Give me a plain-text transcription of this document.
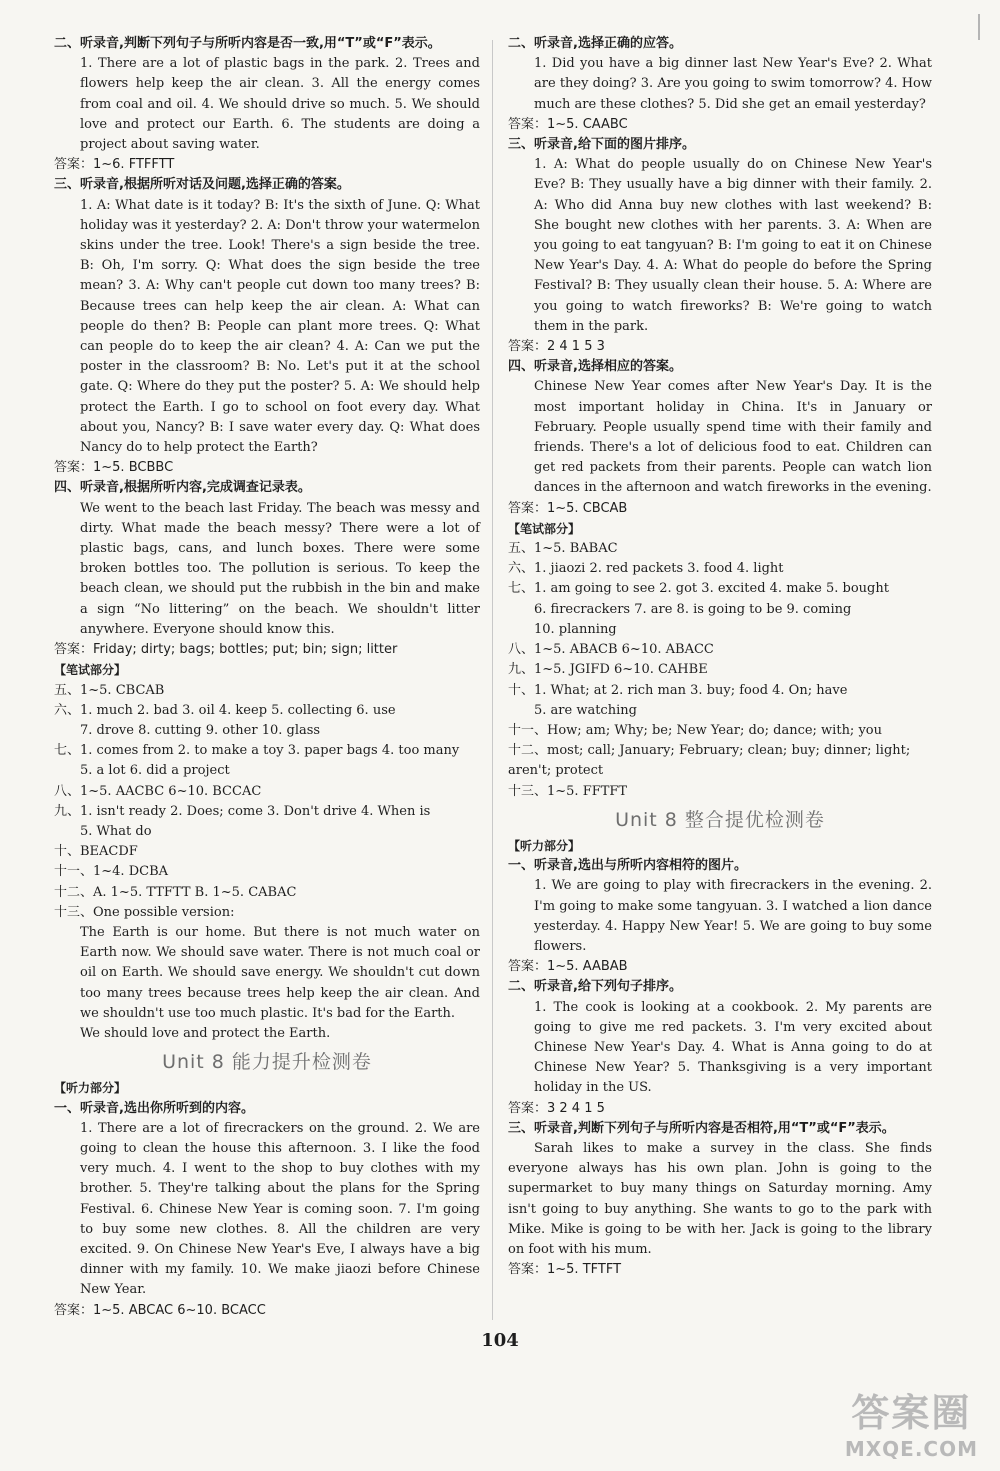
二、听录音,判断下列句子与所听内容是否一致,用“T”或“F”表示。
1. There are a lot of plastic bags in the park. 2. Trees and flowers help keep the air clean. 3. All the energy comes from coal and oil. 4. We should drive so much. 5. We should love and protect our Earth. 6. The students are doing a project about saving water.
答案：1~6. FTFFTT
三、听录音,根据所听对话及问题,选择正确的答案。
1. A: What date is it today? B: It's the sixth of June. Q: What holiday was it yesterday? 2. A: Don't throw your watermelon skins under the tree. Look! There's a sign beside the tree. B: Oh, I'm sorry. Q: What does the sign beside the tree mean? 3. A: Why can't people cut down too many trees? B: Because trees can help keep the air clean. A: What can people do then? B: People can plant more trees. Q: What can people do to keep the air clean? 4. A: Can we put the poster in the classroom? B: No. Let's put it at the school gate. Q: Where do they put the poster? 5. A: We should help protect the Earth. I go to school on foot every day. What about you, Nancy? B: I save water every day. Q: What does Nancy do to help protect the Earth?
答案：1~5. BCBBC
四、听录音,根据所听内容,完成调查记录表。
We went to the beach last Friday. The beach was messy and dirty. What made the beach messy? There were a lot of plastic bags, cans, and lunch boxes. There were some broken bottles too. The pollution is serious. To keep the beach clean, we should put the rubbish in the bin and make a sign “No littering” on the beach. We shouldn't litter anywhere. Everyone should know this.
答案：Friday; dirty; bags; bottles; put; bin; sign; litter
【笔试部分】
五、1~5. CBCAB
六、1. much 2. bad 3. oil 4. keep 5. collecting 6. use
7. drove 8. cutting 9. other 10. glass
七、1. comes from 2. to make a toy 3. paper bags 4. too many
5. a lot 6. did a project
八、1~5. AACBC 6~10. BCCAC
九、1. isn't ready 2. Does; come 3. Don't drive 4. When is
5. What do
十、BEACDF
十一、1~4. DCBA
十二、A. 1~5. TTFTT B. 1~5. CABAC
十三、One possible version:
The Earth is our home. But there is not much water on Earth now. We should save water. There is not much coal or oil on Earth. We should save energy. We shouldn't cut down too many trees because trees help keep the air clean. And we shouldn't use too much plastic. It's bad for the Earth.
We should love and protect the Earth.
Unit 8 能力提升检测卷
【听力部分】
一、听录音,选出你所听到的内容。
1. There are a lot of firecrackers on the ground. 2. We are going to clean the house this afternoon. 3. I like the food very much. 4. I went to the shop to buy clothes with my brother. 5. They're talking about the plans for the Spring Festival. 6. Chinese New Year is coming soon. 7. I'm going to buy some new clothes. 8. All the children are very excited. 9. On Chinese New Year's Eve, I always have a big dinner with my family. 10. We make jiaozi before Chinese New Year.
答案：1~5. ABCAC 6~10. BCACC
二、听录音,选择正确的应答。
1. Did you have a big dinner last New Year's Eve? 2. What are they doing? 3. Are you going to swim tomorrow? 4. How much are these clothes? 5. Did she get an email yesterday?
答案：1~5. CAABC
三、听录音,给下面的图片排序。
1. A: What do people usually do on Chinese New Year's Eve? B: They usually have a big dinner with their family. 2. A: Who did Anna buy new clothes with last weekend? B: She bought new clothes with her parents. 3. A: When are you going to eat tangyuan? B: I'm going to eat it on Chinese New Year's Day. 4. A: What do people do before the Spring Festival? B: They usually clean their house. 5. A: Where are you going to watch fireworks? B: We're going to watch them in the park.
答案：2 4 1 5 3
四、听录音,选择相应的答案。
Chinese New Year comes after New Year's Day. It is the most important holiday in China. It's in January or February. People usually spend time with their family and friends. There's a lot of delicious food to eat. Children can get red packets from their parents. People can watch lion dances in the afternoon and watch fireworks in the evening.
答案：1~5. CBCAB
【笔试部分】
五、1~5. BABAC
六、1. jiaozi 2. red packets 3. food 4. light
七、1. am going to see 2. got 3. excited 4. make 5. bought
6. firecrackers 7. are 8. is going to be 9. coming
10. planning
八、1~5. ABACB 6~10. ABACC
九、1~5. JGIFD 6~10. CAHBE
十、1. What; at 2. rich man 3. buy; food 4. On; have
5. are watching
十一、How; am; Why; be; New Year; do; dance; with; you
十二、most; call; January; February; clean; buy; dinner; light; aren't; protect
十三、1~5. FFTFT
Unit 8 整合提优检测卷
【听力部分】
一、听录音,选出与所听内容相符的图片。
1. We are going to play with firecrackers in the evening. 2. I'm going to make some tangyuan. 3. I watched a lion dance yesterday. 4. Happy New Year! 5. We are going to buy some flowers.
答案：1~5. AABAB
二、听录音,给下列句子排序。
1. The cook is looking at a cookbook. 2. My parents are going to give me red packets. 3. I'm very excited about Chinese New Year's Day. 4. What is Anna going to do at Chinese New Year? 5. Thanksgiving is a very important holiday in the US.
答案：3 2 4 1 5
三、听录音,判断下列句子与所听内容是否相符,用“T”或“F”表示。
Sarah likes to make a survey in the class. She finds everyone always has his own plan. John is going to the supermarket to buy many things on Saturday morning. Amy isn't going to buy anything. She wants to go to the park with Mike. Mike is going to be with her. Jack is going to the library on foot with his mum.
答案：1~5. TFTFT
104
答案圈
MXQE.COM
